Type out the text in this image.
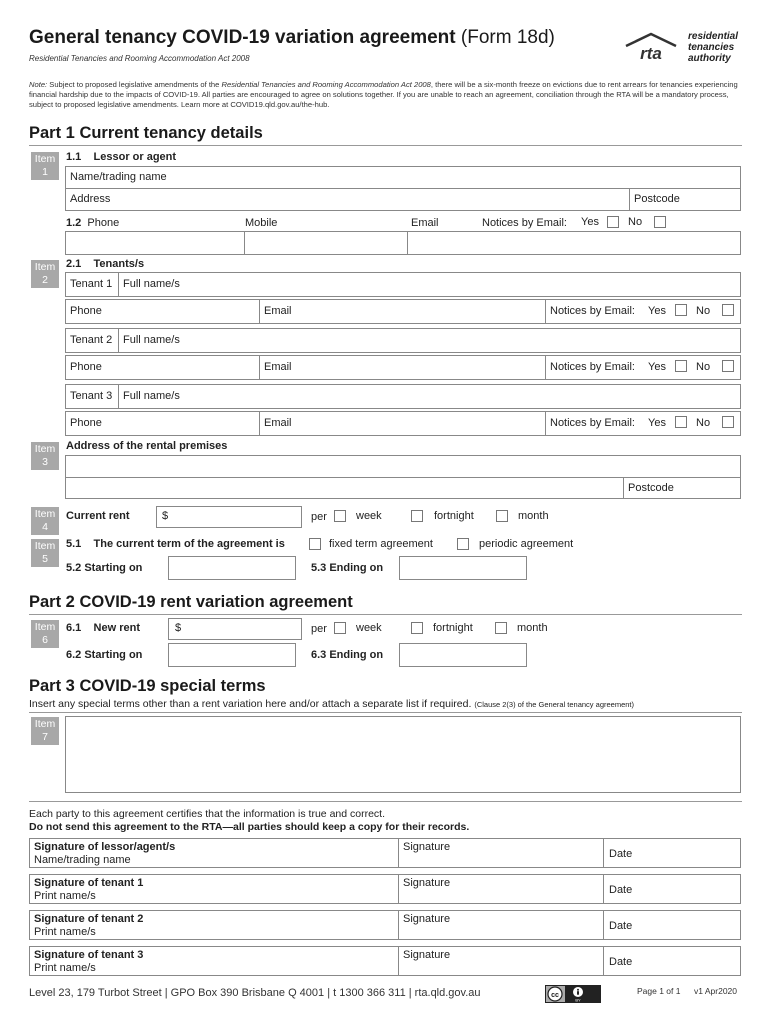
General tenancy COVID-19 variation agreement (Form 18d)
Residential Tenancies and Rooming Accommodation Act 2008	rta
residential
tenancies
authority
Note: Subject to proposed legislative amendments of the Residential Tenancies and Rooming Accommodation Act 2008, there will be a six-month freeze on evictions due to rent arrears for tenancies experiencing financial hardship due to the impacts of COVID-19. All parties are encouraged to agree on solutions together. If you are unable to reach an agreement, conciliation through the RTA will be a mandatory process, subject to proposed legislative amendments. Learn more at COVID19.qld.gov.au/the-hub.
Part 1 Current tenancy details
Item
1
1.1 Lessor or agent
Name/trading name
Address	Postcode
1.2 Phone	Mobile	Email	Notices by Email: Yes	No
Item
2
2.1 Tenants/s
Tenant 1 Full name/s
Phone	Email	Notices by Email: Yes	No
Tenant 2 Full name/s
Phone	Email	Notices by Email: Yes	No
Tenant 3 Full name/s
Phone	Email	Notices by Email: Yes	No
Item
3
Address of the rental premises
Postcode
Item
4
Current rent	$	per	week	fortnight	month
Item
5
5.1 The current term of the agreement is	fixed term agreement	periodic agreement
5.2 Starting on	5.3 Ending on
Part 2 COVID-19 rent variation agreement
Item
6
6.1 New rent	$	per	week	fortnight	month
6.2 Starting on	6.3 Ending on
Part 3 COVID-19 special terms
Insert any special terms other than a rent variation here and/or attach a separate list if required. (Clause 2(3) of the General tenancy agreement)
Item
7
Each party to this agreement certifies that the information is true and correct.
Do not send this agreement to the RTA—all parties should keep a copy for their records.
Signature of lessor/agent/s
Name/trading name
Signature
Date
Signature of tenant 1
Print name/s
Signature
Date
Signature of tenant 2
Print name/s
Signature
Date
Signature of tenant 3
Print name/s
Signature
Date
Level 23, 179 Turbot Street | GPO Box 390 Brisbane Q 4001 | t 1300 366 311 | rta.qld.gov.au	cc
BY
Page 1 of 1 v1 Apr2020
